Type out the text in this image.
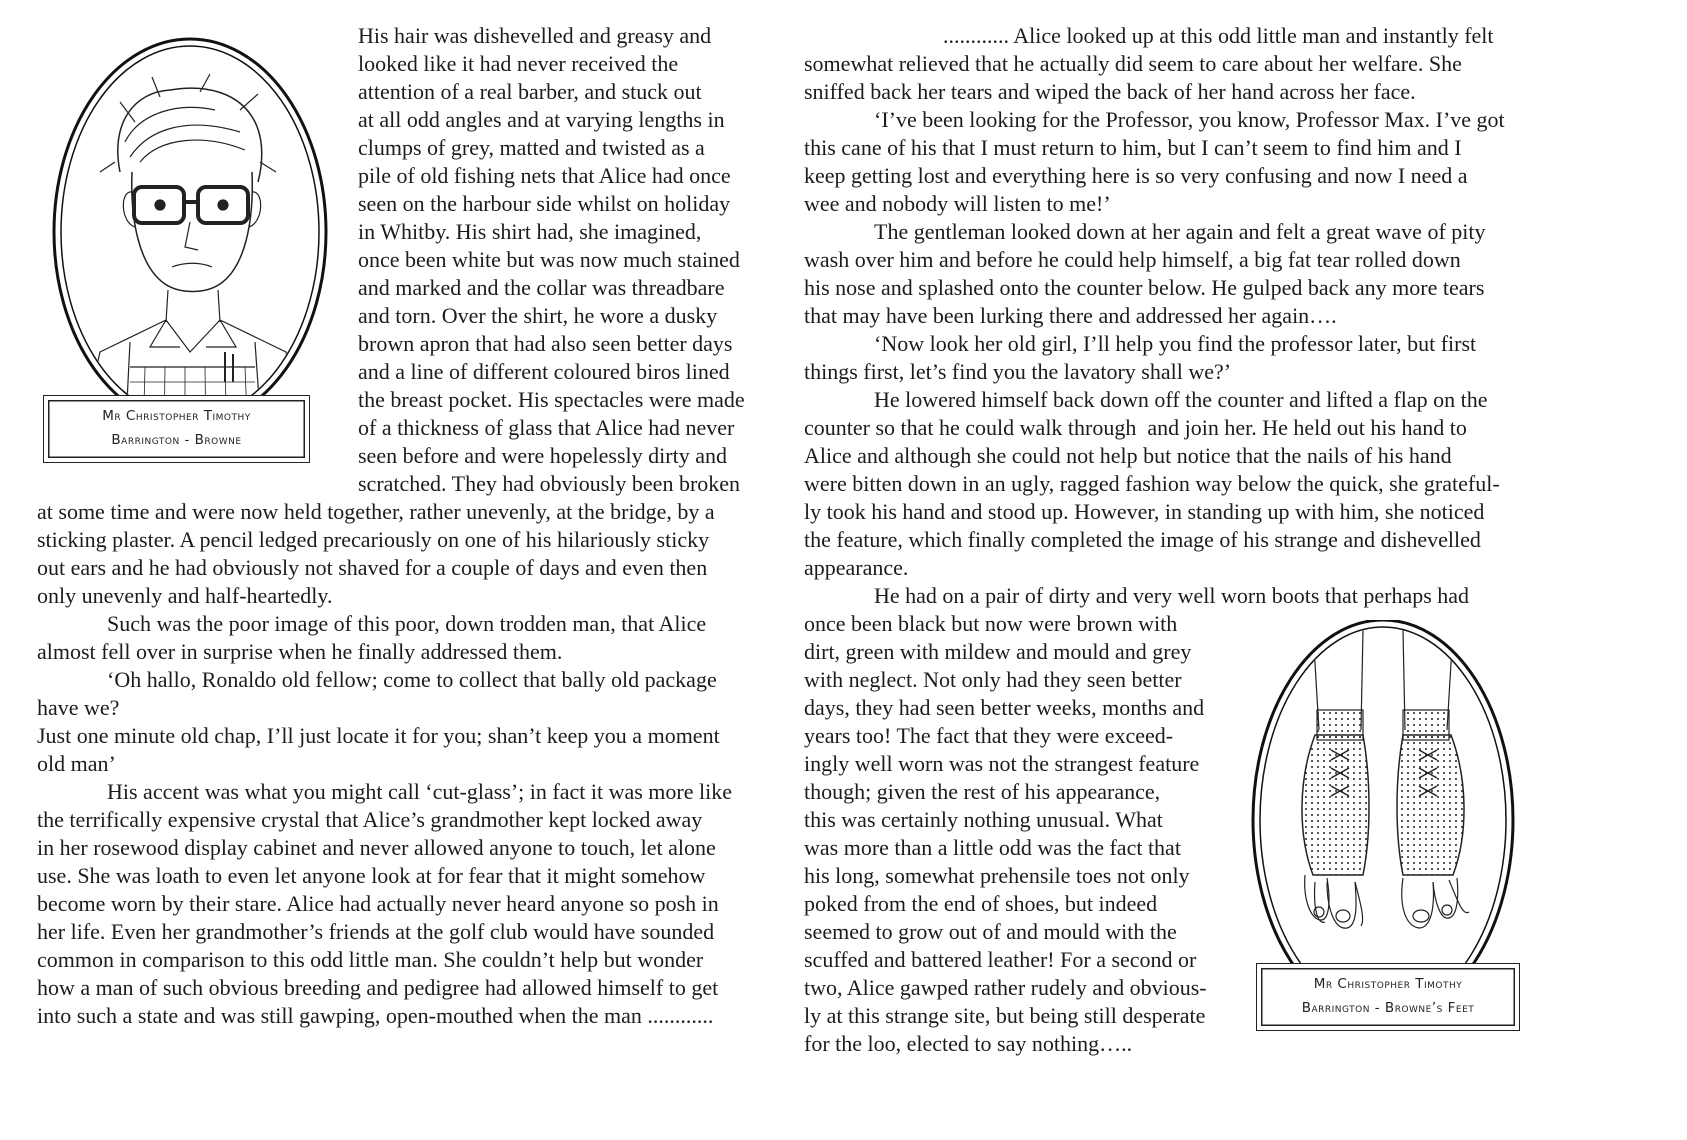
Mr Christopher Timothy
Barrington - Browne
His hair was dishevelled and greasy and
looked like it had never received the
attention of a real barber, and stuck out
at all odd angles and at varying lengths in
clumps of grey, matted and twisted as a
pile of old fishing nets that Alice had once
seen on the harbour side whilst on holiday
in Whitby. His shirt had, she imagined,
once been white but was now much stained
and marked and the collar was threadbare
and torn. Over the shirt, he wore a dusky
brown apron that had also seen better days
and a line of different coloured biros lined
the breast pocket. His spectacles were made
of a thickness of glass that Alice had never
seen before and were hopelessly dirty and
scratched. They had obviously been broken
at some time and were now held together, rather unevenly, at the bridge, by a
sticking plaster. A pencil ledged precariously on one of his hilariously sticky
out ears and he had obviously not shaved for a couple of days and even then
only unevenly and half-heartedly.
Such was the poor image of this poor, down trodden man, that Alice
almost fell over in surprise when he finally addressed them.
‘Oh hallo, Ronaldo old fellow; come to collect that bally old package
have we?
Just one minute old chap, I’ll just locate it for you; shan’t keep you a moment
old man’
His accent was what you might call ‘cut-glass’; in fact it was more like
the terrifically expensive crystal that Alice’s grandmother kept locked away
in her rosewood display cabinet and never allowed anyone to touch, let alone
use. She was loath to even let anyone look at for fear that it might somehow
become worn by their stare. Alice had actually never heard anyone so posh in
her life. Even her grandmother’s friends at the golf club would have sounded
common in comparison to this odd little man. She couldn’t help but wonder
how a man of such obvious breeding and pedigree had allowed himself to get
into such a state and was still gawping, open-mouthed when the man ............
............ Alice looked up at this odd little man and instantly felt
somewhat relieved that he actually did seem to care about her welfare. She
sniffed back her tears and wiped the back of her hand across her face.
‘I’ve been looking for the Professor, you know, Professor Max. I’ve got
this cane of his that I must return to him, but I can’t seem to find him and I
keep getting lost and everything here is so very confusing and now I need a
wee and nobody will listen to me!’
The gentleman looked down at her again and felt a great wave of pity
wash over him and before he could help himself, a big fat tear rolled down
his nose and splashed onto the counter below. He gulped back any more tears
that may have been lurking there and addressed her again….
‘Now look her old girl, I’ll help you find the professor later, but first
things first, let’s find you the lavatory shall we?’
He lowered himself back down off the counter and lifted a flap on the
counter so that he could walk through  and join her. He held out his hand to
Alice and although she could not help but notice that the nails of his hand
were bitten down in an ugly, ragged fashion way below the quick, she grateful-
ly took his hand and stood up. However, in standing up with him, she noticed
the feature, which finally completed the image of his strange and dishevelled
appearance.
He had on a pair of dirty and very well worn boots that perhaps had
once been black but now were brown with
dirt, green with mildew and mould and grey
with neglect. Not only had they seen better
days, they had seen better weeks, months and
years too! The fact that they were exceed-
ingly well worn was not the strangest feature
though; given the rest of his appearance,
this was certainly nothing unusual. What
was more than a little odd was the fact that
his long, somewhat prehensile toes not only
poked from the end of shoes, but indeed
seemed to grow out of and mould with the
scuffed and battered leather! For a second or
two, Alice gawped rather rudely and obvious-
ly at this strange site, but being still desperate
for the loo, elected to say nothing…..
Mr Christopher Timothy
Barrington - Browne’s Feet
